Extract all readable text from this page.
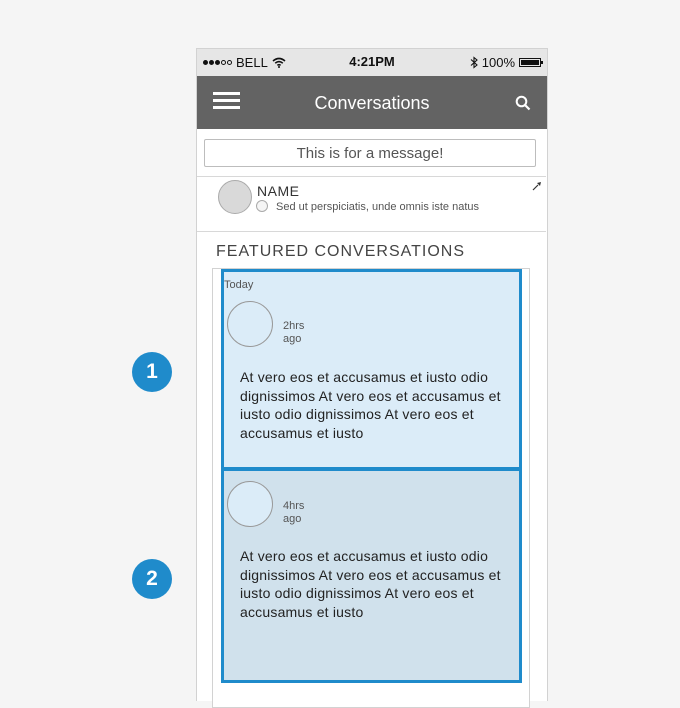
BELL	4:21PM	100%
Conversations
This is for a message!
NAME
Sed ut perspiciatis, unde omnis iste natus
FEATURED CONVERSATIONS
Today
2hrs ago
At vero eos et accusamus et iusto odio dignissimos At vero eos et accusamus et iusto odio dignissimos At vero eos et accusamus et iusto
4hrs ago
At vero eos et accusamus et iusto odio dignissimos At vero eos et accusamus et iusto odio dignissimos At vero eos et accusamus et iusto
1
2
